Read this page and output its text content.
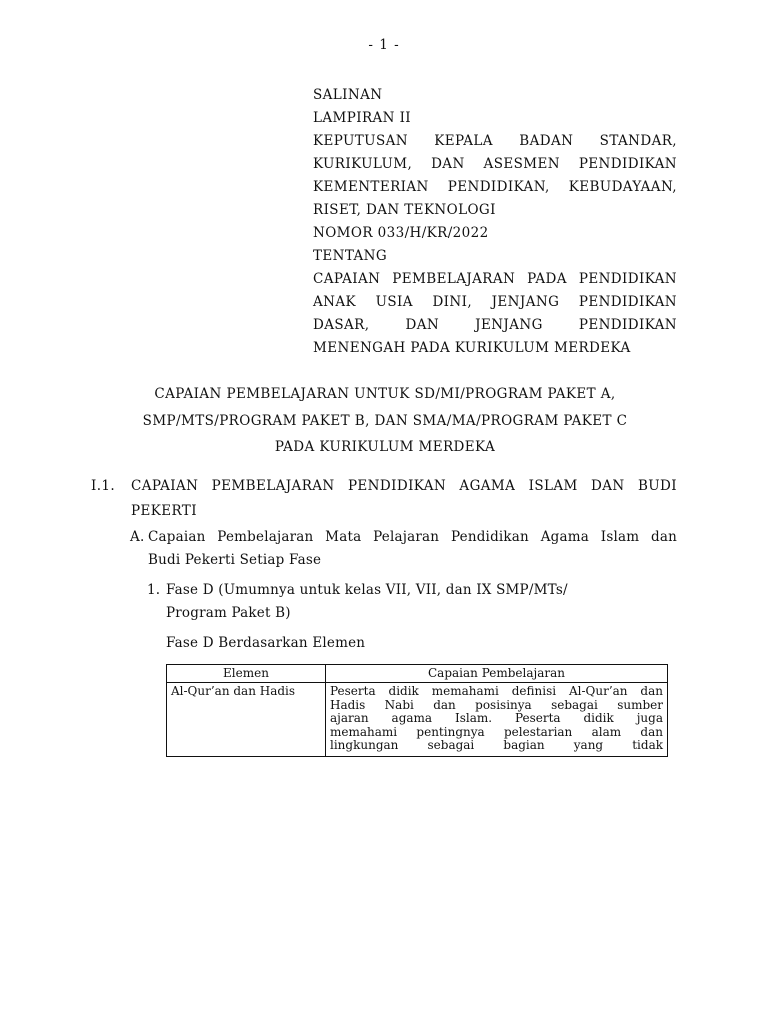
- 1 -
SALINAN
LAMPIRAN II
KEPUTUSAN KEPALA BADAN STANDAR,
KURIKULUM, DAN ASESMEN PENDIDIKAN
KEMENTERIAN PENDIDIKAN, KEBUDAYAAN,
RISET, DAN TEKNOLOGI
NOMOR 033/H/KR/2022
TENTANG
CAPAIAN PEMBELAJARAN PADA PENDIDIKAN
ANAK USIA DINI, JENJANG PENDIDIKAN
DASAR, DAN JENJANG PENDIDIKAN
MENENGAH PADA KURIKULUM MERDEKA
CAPAIAN PEMBELAJARAN UNTUK SD/MI/PROGRAM PAKET A,
SMP/MTS/PROGRAM PAKET B, DAN SMA/MA/PROGRAM PAKET C
PADA KURIKULUM MERDEKA
I.1. CAPAIAN PEMBELAJARAN PENDIDIKAN AGAMA ISLAM DAN BUDI
PEKERTI
A. Capaian Pembelajaran Mata Pelajaran Pendidikan Agama Islam dan
Budi Pekerti Setiap Fase
1. Fase D (Umumnya untuk kelas VII, VII, dan IX SMP/MTs/
Program Paket B)
Fase D Berdasarkan Elemen
Elemen	Capaian Pembelajaran
Al-Qur’an dan Hadis	Peserta didik memahami definisi Al-Qur’an dan
Hadis Nabi dan posisinya sebagai sumber
ajaran agama Islam. Peserta didik juga
memahami pentingnya pelestarian alam dan
lingkungan sebagai bagian yang tidak
